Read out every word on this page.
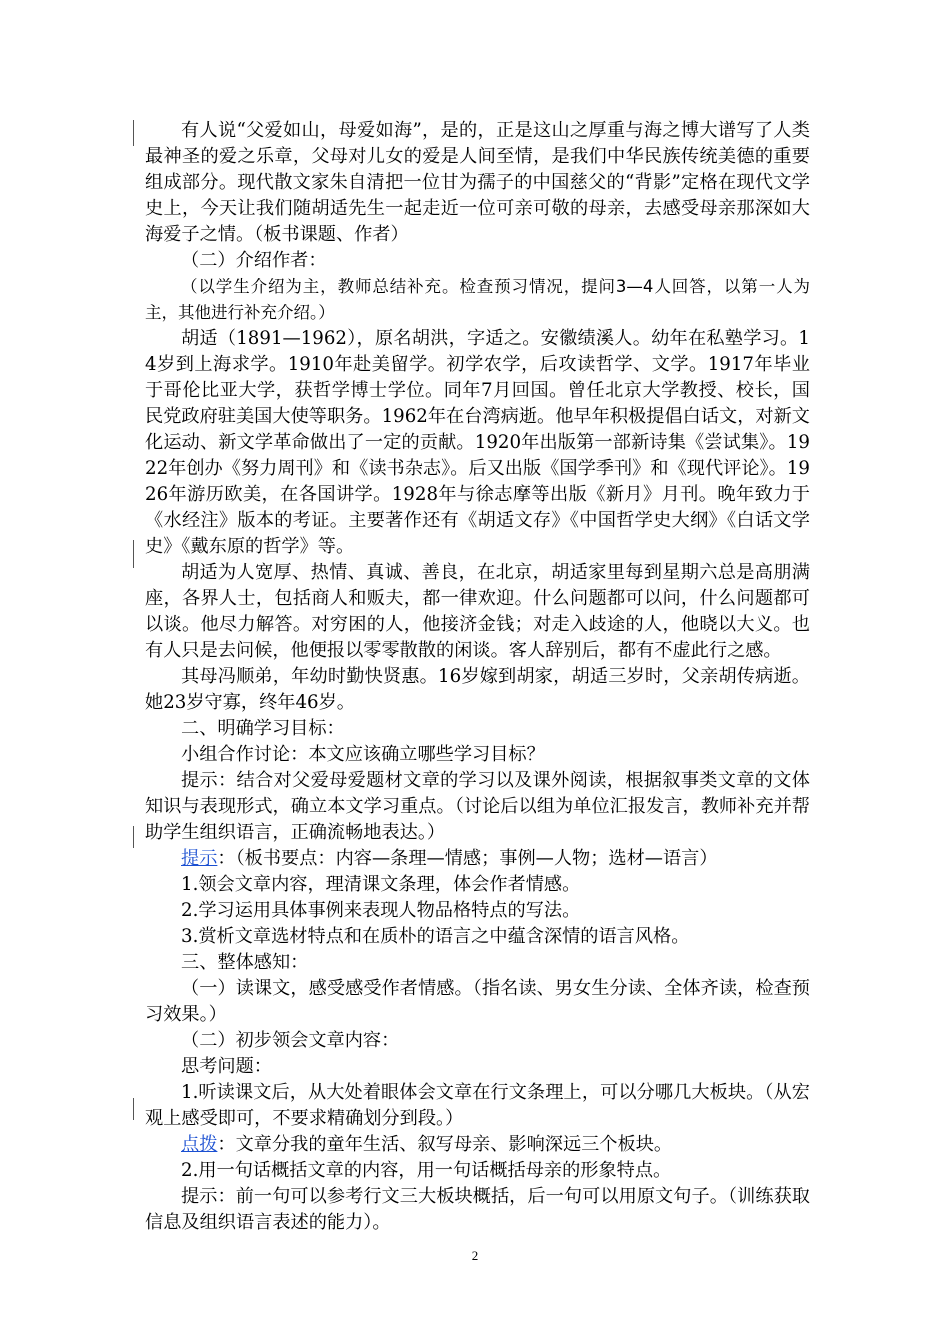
有人说“父爱如山，母爱如海”，是的，正是这山之厚重与海之博大谱写了人类最神圣的爱之乐章，父母对儿女的爱是人间至情，是我们中华民族传统美德的重要组成部分。现代散文家朱自清把一位甘为孺子的中国慈父的“背影”定格在现代文学史上，今天让我们随胡适先生一起走近一位可亲可敬的母亲，去感受母亲那深如大海爱子之情。（板书课题、作者）

（二）介绍作者：

（以学生介绍为主，教师总结补充。检查预习情况，提问3—4人回答，以第一人为主，其他进行补充介绍。）

胡适（1891—1962），原名胡洪，字适之。安徽绩溪人。幼年在私塾学习。14岁到上海求学。1910年赴美留学。初学农学，后攻读哲学、文学。1917年毕业于哥伦比亚大学，获哲学博士学位。同年7月回国。曾任北京大学教授、校长，国民党政府驻美国大使等职务。1962年在台湾病逝。他早年积极提倡白话文，对新文化运动、新文学革命做出了一定的贡献。1920年出版第一部新诗集《尝试集》。1922年创办《努力周刊》和《读书杂志》。后又出版《国学季刊》和《现代评论》。1926年游历欧美，在各国讲学。1928年与徐志摩等出版《新月》月刊。晚年致力于《水经注》版本的考证。主要著作还有《胡适文存》《中国哲学史大纲》《白话文学史》《戴东原的哲学》等。

胡适为人宽厚、热情、真诚、善良，在北京，胡适家里每到星期六总是高朋满座，各界人士，包括商人和贩夫，都一律欢迎。什么问题都可以问，什么问题都可以谈。他尽力解答。对穷困的人，他接济金钱；对走入歧途的人，他晓以大义。也有人只是去问候，他便报以零零散散的闲谈。客人辞别后，都有不虚此行之感。

其母冯顺弟，年幼时勤快贤惠。16岁嫁到胡家，胡适三岁时，父亲胡传病逝。她23岁守寡，终年46岁。

二、明确学习目标：

小组合作讨论：本文应该确立哪些学习目标？

提示：结合对父爱母爱题材文章的学习以及课外阅读，根据叙事类文章的文体知识与表现形式，确立本文学习重点。（讨论后以组为单位汇报发言，教师补充并帮助学生组织语言，正确流畅地表达。）

提示：（板书要点：内容—条理—情感；事例—人物；选材—语言）

1.领会文章内容，理清课文条理，体会作者情感。

2.学习运用具体事例来表现人物品格特点的写法。

3.赏析文章选材特点和在质朴的语言之中蕴含深情的语言风格。

三、整体感知：

（一）读课文，感受感受作者情感。（指名读、男女生分读、全体齐读，检查预习效果。）

（二）初步领会文章内容：

思考问题：

1.听读课文后，从大处着眼体会文章在行文条理上，可以分哪几大板块。（从宏观上感受即可，不要求精确划分到段。）

点拨：文章分我的童年生活、叙写母亲、影响深远三个板块。

2.用一句话概括文章的内容，用一句话概括母亲的形象特点。

提示：前一句可以参考行文三大板块概括，后一句可以用原文句子。（训练获取信息及组织语言表述的能力）。

2
